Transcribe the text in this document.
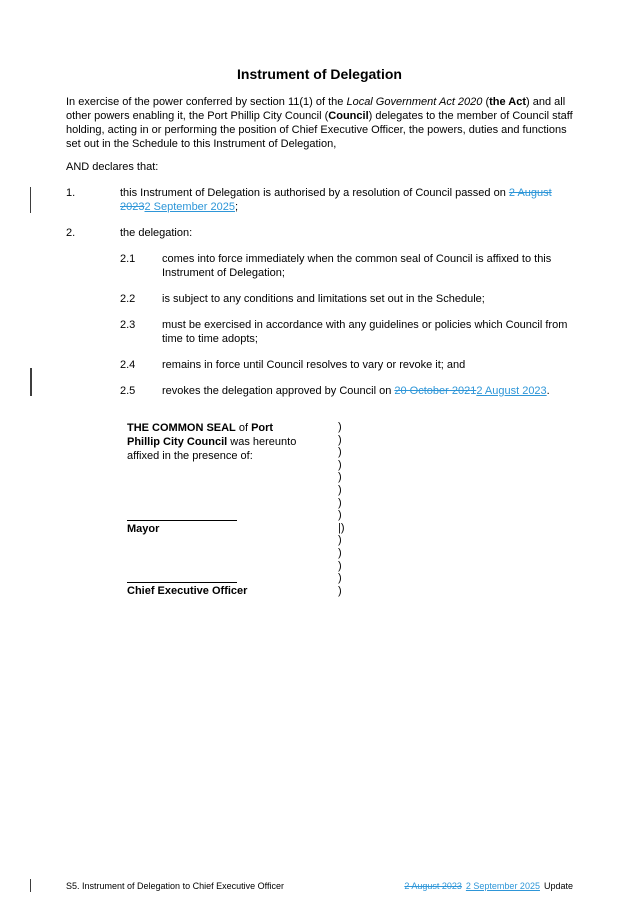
Instrument of Delegation

In exercise of the power conferred by section 11(1) of the Local Government Act 2020 (the Act) and all other powers enabling it, the Port Phillip City Council (Council) delegates to the member of Council staff holding, acting in or performing the position of Chief Executive Officer, the powers, duties and functions set out in the Schedule to this Instrument of Delegation,

AND declares that:

1.	this Instrument of Delegation is authorised by a resolution of Council passed on 2 August 20232 September 2025;
2.	the delegation:
2.1	comes into force immediately when the common seal of Council is affixed to this Instrument of Delegation;
2.2	is subject to any conditions and limitations set out in the Schedule;
2.3	must be exercised in accordance with any guidelines or policies which Council from time to time adopts;
2.4	remains in force until Council resolves to vary or revoke it; and
2.5	revokes the delegation approved by Council on 20 October 20212 August 2023.
THE COMMON SEAL of Port Phillip City Council was hereunto affixed in the presence of:
)
)
)
)
)
)
)
)
|)
)
)
)
)
)
Mayor
Chief Executive Officer
S5. Instrument of Delegation to Chief Executive Officer	2 August 2023 2 September 2025 Update
